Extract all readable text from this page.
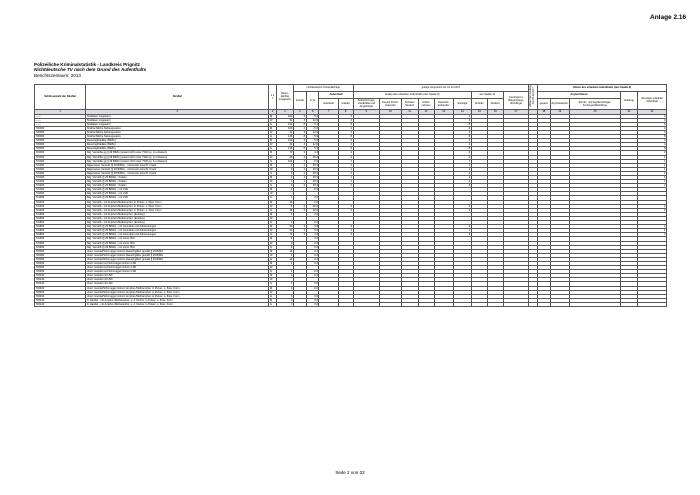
Anlage 2.16
Polizeiliche Kriminalstatistik - Landkreis Prignitz
Nichtdeutsche TV nach dem Grund des Aufenthalts
Berichtszeitraum: 2013
Schlüsselzahl der Straftat	Straftat	s e x	Tatver-dächtig insgesamt	nichtdeutsche Tatverdächtige				gültige Ansprüche bis 31.12.2017									Ablauf der Duldung bis 31.12.2017	Status des erlaubten Aufenthalts (aus Spalte 8)				
				Anzahl	in %	Aufenthalt		Anlass des erlaubten Aufenthalts (aus Spalte 8)						aus Spalte 11		Kontingent-/ Bürgerkriegs-flüchtlinge		Asylverfahren			Duldung	Sonstiger erlaubter Aufenthalt
						unerlaubt	erlaubt	Stationierungs-streitkräfte und Angehörige	Tourist/ Durch-reisender	Schüler/ Student	Arbeit-nehmer	Gewerbe-treibender	Sonstige	Schüler	Student			gesamt	Asyl-bewerber	Schutz- und Asylberechtigte, Kontingentflüchtlinge		

1	2	3	4	5	6	7	8	9	10	11	12	13	14	15	16	17		18	19	20	21	22
------	Straftaten insgesamt	M	100	4	5,6		4						4									4
------	Straftaten insgesamt	W	31	4	12,9		4						4									4
------	Straftaten insgesamt	G	131	8	6,1		8						8									8
730000	Strafrechtliche Nebengesetze	M	100	4	5,6		4						4									4
730000	Strafrechtliche Nebengesetze	W	31	4	12,9		4						4									4
730000	Strafrechtliche Nebengesetze	G	136	8	5,9		8						8									8
730000	Rauschgiftdelikte (BtMG)	M	100	4	5,6		4						4									4
730000	Rauschgiftdelikte (BtMG)	W	31	4	12,9		4						4									4
730000	Rauschgiftdelikte (BtMG)	G	136	8	5,9		8						8									8
731000	Allg. Verstöße gg § 29 BtMG (soweit nicht unter 7340 pp. zu erfassen)	M	70	3	4,3		3						3									3
731000	Allg. Verstöße gg § 29 BtMG (soweit nicht unter 7340 pp. zu erfassen)	W	26	4	15,4		4						4									4
731000	Allg. Verstöße gg § 29 BtMG (soweit nicht unter 7340 pp. zu erfassen)	G	106	7	6,6		7						7									7
731100	Allgemeiner Verstoß (§ 29 BtMG) - mit Heroin einschl. Crack	M	4	1	33,3		1						1									1
731100	Allgemeiner Verstoß (§ 29 BtMG) - mit Heroin einschl. Crack	W	3	1	33,3		1						1									1
731100	Allgemeiner Verstoß (§ 29 BtMG) - mit Heroin einschl. Crack	G	6	2	33,3		2						2									2
731200	Allg. Verstöß (§ 29 BtMG) - Kokain	M	4	1	33,3		1						1									1
731200	Allg. Verstöß (§ 29 BtMG) - Kokain	W	3	1	33,3		1						1									1
731200	Allg. Verstöß (§ 29 BtMG) - Kokain	G	6	2	33,3		2						2									2
731300	Allg. Verstöß (§ 29 BtMG) - mit LSD	M	1		0,0																	
731300	Allg. Verstöß (§ 29 BtMG) - mit LSD	W																				
731300	Allg. Verstöß (§ 29 BtMG) - mit LSD	G	1		0,0																	
731400	Allg. Verstöß - mit Amphet./Methamphet. in Pulver- o. flüss. Form	M	11		0,0																	
731400	Allg. Verstöß - mit Amphet./Methamphet. in Pulver- o. flüss. Form	W	5	2	40,0		2						2									2
731400	Allg. Verstöß - mit Amphet./Methamphet. in Pulver- o. flüss. Form	G	16	2	12,5		2						2									2
731500	Allg. Verstöß - mit Amphet./Methamphet. (Ecstasy)	M	2		0,0																	
731500	Allg. Verstöß - mit Amphet./Methamphet. (Ecstasy)	W																				
731500	Allg. Verstöß - mit Amphet./Methamphet. (Ecstasy)	G	2		0,0																	
731800	Allg. Verstöß (§ 29 BtMG) - mit Cannabis und Zubereitungen	M	52	3	5,8		3						3									3
731800	Allg. Verstöß (§ 29 BtMG) - mit Cannabis und Zubereitungen	W	20	1	5,0		1						1									1
731800	Allg. Verstöß (§ 29 BtMG) - mit Cannabis und Zubereitungen	G	72	3	4,2		3						3									3
731900	Allg. Verstöß (§ 29 BtMG) - mit sonst. Btm	M	4		0,0																	
731900	Allg. Verstöß (§ 29 BtMG) - mit sonst. Btm	W	2		0,0																	
731900	Allg. Verstöß (§ 29 BtMG) - mit sonst. Btm	G	6		0,0																	
732000	Unerl. Handel/Schmuggel mit/von Rauschgiften gemäß § 29 BtMG	M	16		0,0																	
732000	Unerl. Handel/Schmuggel mit/von Rauschgiften gemäß § 29 BtMG	W	3		0,0																	
732000	Unerl. Handel/Schmuggel mit/von Rauschgiften gemäß § 29 BtMG	G	19		0,0																	
732300	Unerl. Handel und Schmuggel mit/von LSD	M	1		0,0																	
732300	Unerl. Handel und Schmuggel mit/von LSD	W																				
732300	Unerl. Handel und Schmuggel mit/von LSD	G	1		0,0																	
732310	Unerl. Handel mit LSD	M	1		0,0																	
732310	Unerl. Handel mit LSD	W																				
732310	Unerl. Handel mit LSD	G	1		0,0																	
732400	Unerl. Handel/Schmuggel mit/von Amphet./Methamphet. in Pulver- o. flüss. Form	M	3		0,0																	
732400	Unerl. Handel/Schmuggel mit/von Amphet./Methamphet. in Pulver- o. flüss. Form	W																				
732400	Unerl. Handel/Schmuggel mit/von Amphet./Methamphet. in Pulver- o. flüss. Form	G	3		0,0																	
732410	ill. Handel - mit Amphet./Methamphet. u. d. Derive. in Pulver- o. flüss. Form	M	3		0,0																	
732410	ill. Handel - mit Amphet./Methamphet. u. d. Derive. in Pulver- o. flüss. Form	G	3		0,0																	
Seite 2 von 22
